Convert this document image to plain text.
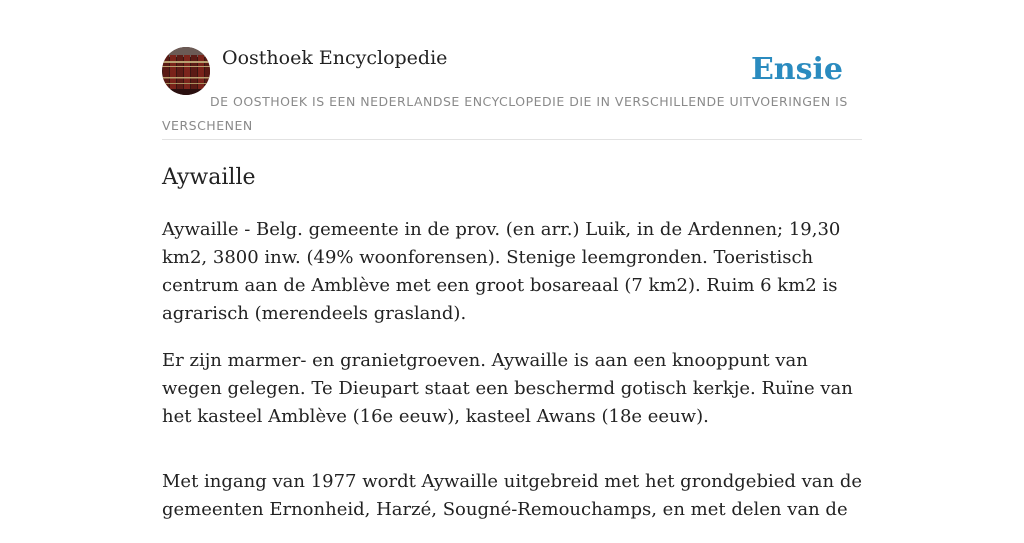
Oosthoek Encyclopedie	Ensie
DE OOSTHOEK IS EEN NEDERLANDSE ENCYCLOPEDIE DIE IN VERSCHILLENDE UITVOERINGEN IS VERSCHENEN
Aywaille

Aywaille - Belg. gemeente in de prov. (en arr.) Luik, in de Ardennen; 19,30 km2, 3800 inw. (49% woonforensen). Stenige leemgronden. Toeristisch centrum aan de Amblève met een groot bosareaal (7 km2). Ruim 6 km2 is agrarisch (merendeels grasland).

Er zijn marmer- en granietgroeven. Aywaille is aan een knooppunt van wegen gelegen. Te Dieupart staat een beschermd gotisch kerkje. Ruïne van het kasteel Amblève (16e eeuw), kasteel Awans (18e eeuw).

Met ingang van 1977 wordt Aywaille uitgebreid met het grondgebied van de gemeenten Ernonheid, Harzé, Sougné-Remouchamps, en met delen van de
